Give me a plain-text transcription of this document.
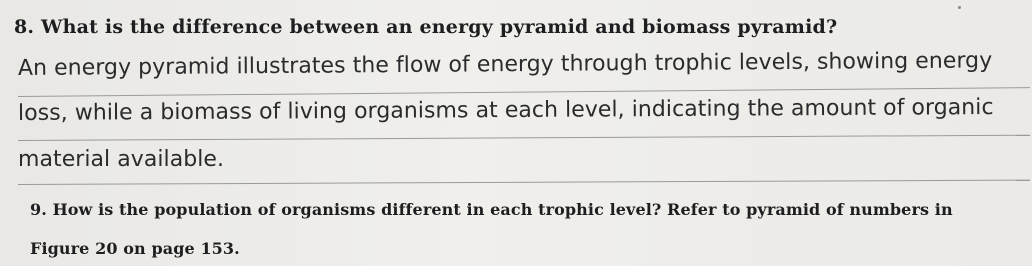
8. What is the difference between an energy pyramid and biomass pyramid?
An energy pyramid illustrates the flow of energy through trophic levels, showing energy
loss, while a biomass of living organisms at each level, indicating the amount of organic
material available.
9. How is the population of organisms different in each trophic level? Refer to pyramid of numbers in
Figure 20 on page 153.
